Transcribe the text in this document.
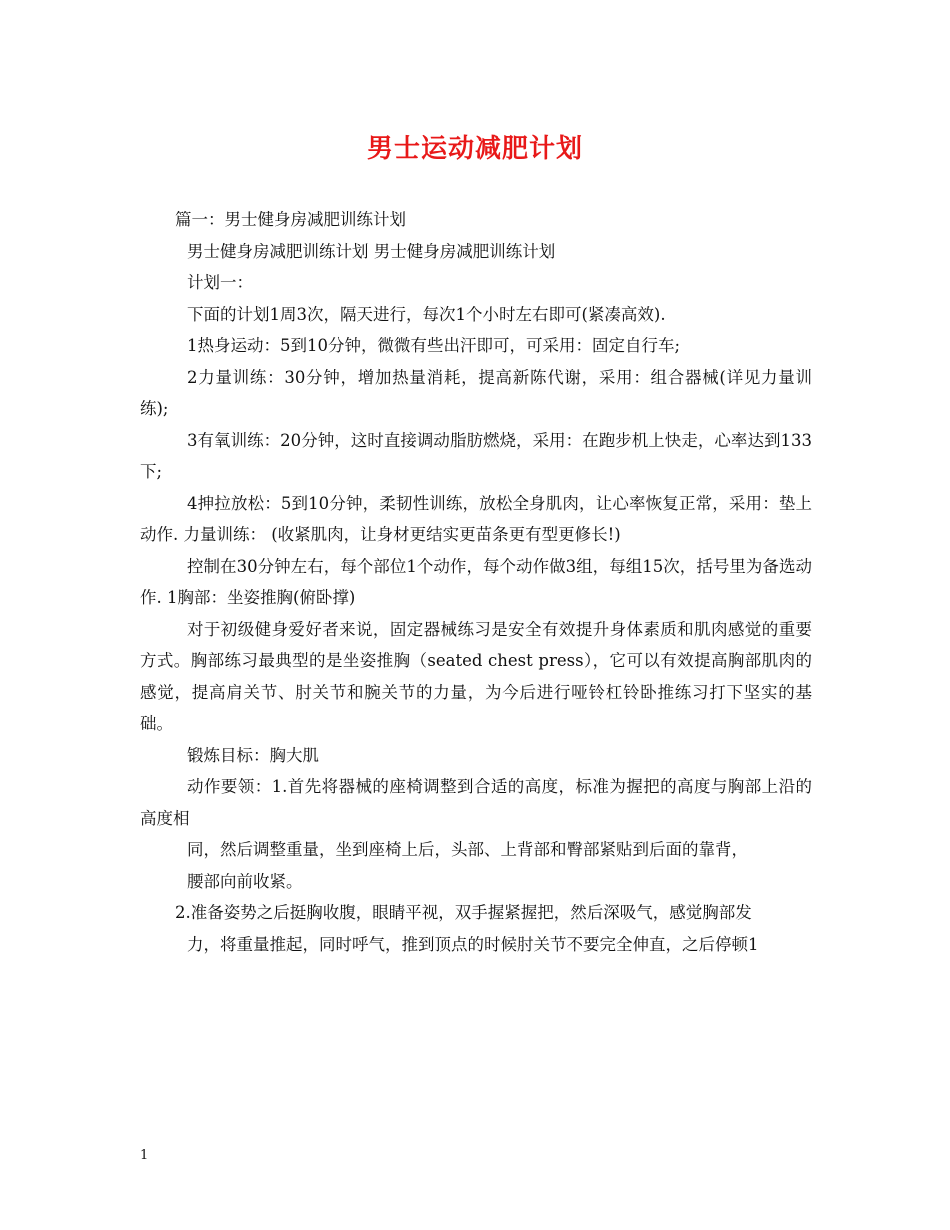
男士运动减肥计划

篇一：男士健身房减肥训练计划

男士健身房减肥训练计划 男士健身房减肥训练计划

计划一：

下面的计划1周3次，隔天进行，每次1个小时左右即可(紧凑高效).

1热身运动：5到10分钟，微微有些出汗即可，可采用：固定自行车;

2力量训练：30分钟，增加热量消耗，提高新陈代谢，采用：组合器械(详见力量训练);

3有氧训练：20分钟，这时直接调动脂肪燃烧，采用：在跑步机上快走，心率达到133下;

4抻拉放松：5到10分钟，柔韧性训练，放松全身肌肉，让心率恢复正常，采用：垫上动作. 力量训练： (收紧肌肉，让身材更结实更苗条更有型更修长!)

控制在30分钟左右，每个部位1个动作，每个动作做3组，每组15次，括号里为备选动作. 1胸部：坐姿推胸(俯卧撑)

对于初级健身爱好者来说，固定器械练习是安全有效提升身体素质和肌肉感觉的重要方式。胸部练习最典型的是坐姿推胸（seated chest press），它可以有效提高胸部肌肉的感觉，提高肩关节、肘关节和腕关节的力量，为今后进行哑铃杠铃卧推练习打下坚实的基础。

锻炼目标：胸大肌

动作要领：1.首先将器械的座椅调整到合适的高度，标准为握把的高度与胸部上沿的高度相

同，然后调整重量，坐到座椅上后，头部、上背部和臀部紧贴到后面的靠背，

腰部向前收紧。

2.准备姿势之后挺胸收腹，眼睛平视，双手握紧握把，然后深吸气，感觉胸部发

力，将重量推起，同时呼气，推到顶点的时候肘关节不要完全伸直，之后停顿1

1
